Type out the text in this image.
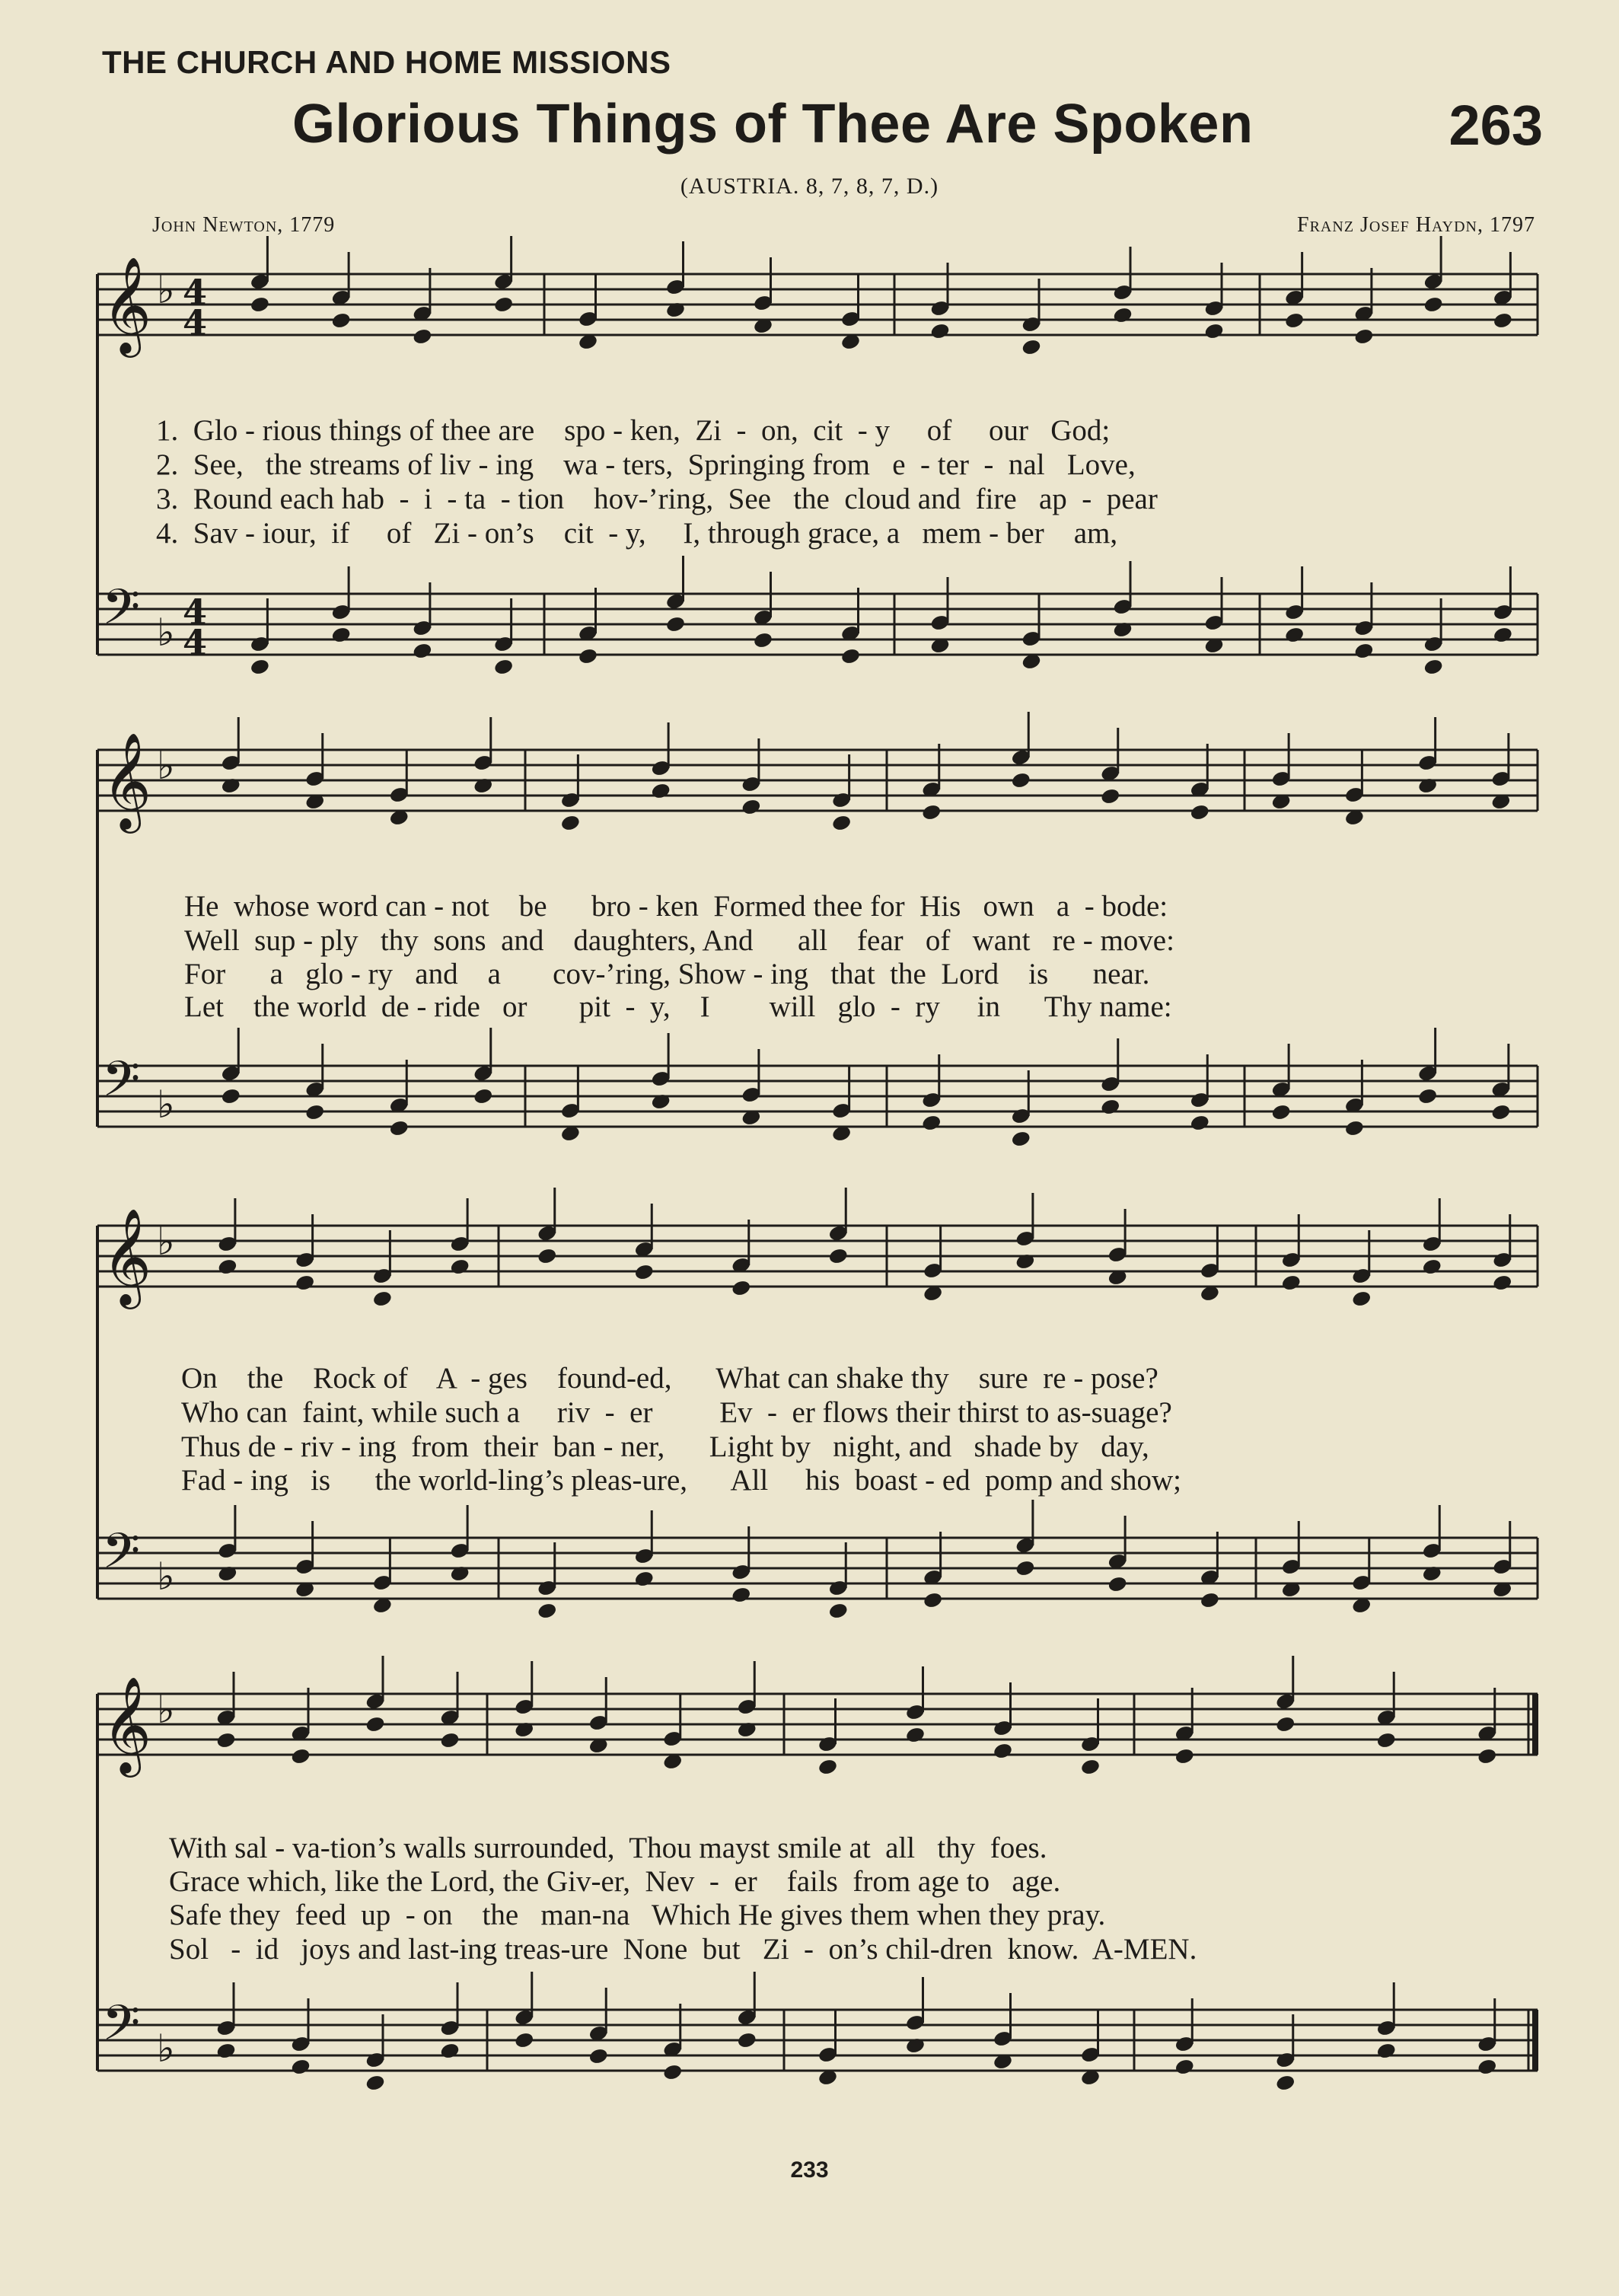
THE CHURCH AND HOME MISSIONS
Glorious Things of Thee Are Spoken	263
(AUSTRIA. 8, 7, 8, 7, D.)
John Newton, 1779	Franz Josef Haydn, 1797
𝄞 ♭ 4
4
𝄢 ♭ 4
4
𝄞 ♭
𝄢 ♭
𝄞 ♭
𝄢 ♭
𝄞 ♭
𝄢 ♭
1.  Glo - rious things of thee are    spo - ken,  Zi  -  on,  cit  - y     of     our   God;
2.  See,   the streams of liv - ing    wa - ters,  Springing from   e  - ter  -  nal   Love,
3.  Round each hab  -  i  - ta  - tion    hov-’ring,  See   the  cloud and  fire   ap  -  pear
4.  Sav - iour,  if     of   Zi - on’s    cit  - y,     I, through grace, a   mem - ber    am,
He  whose word can - not    be      bro - ken  Formed thee for  His   own   a  - bode:
Well  sup - ply   thy  sons  and    daughters, And      all    fear   of   want   re - move:
For      a   glo - ry   and    a       cov-’ring, Show - ing   that  the  Lord    is      near.
Let    the world  de - ride   or       pit  -  y,    I        will   glo  -  ry     in      Thy name:
On    the    Rock of    A  - ges    found-ed,      What can shake thy    sure  re - pose?
Who can  faint, while such a     riv  -  er         Ev  -  er flows their thirst to as-suage?
Thus de - riv - ing  from  their  ban - ner,      Light by   night, and   shade by   day,
Fad - ing   is      the world-ling’s pleas-ure,      All     his  boast - ed  pomp and show;
With sal - va-tion’s walls surrounded,  Thou mayst smile at  all   thy  foes.
Grace which, like the Lord, the Giv-er,  Nev  -  er    fails  from age to   age.
Safe they  feed  up  - on    the   man-na   Which He gives them when they pray.
Sol   -  id   joys and last-ing treas-ure  None  but   Zi  -  on’s chil-dren  know.  A-MEN.
233
